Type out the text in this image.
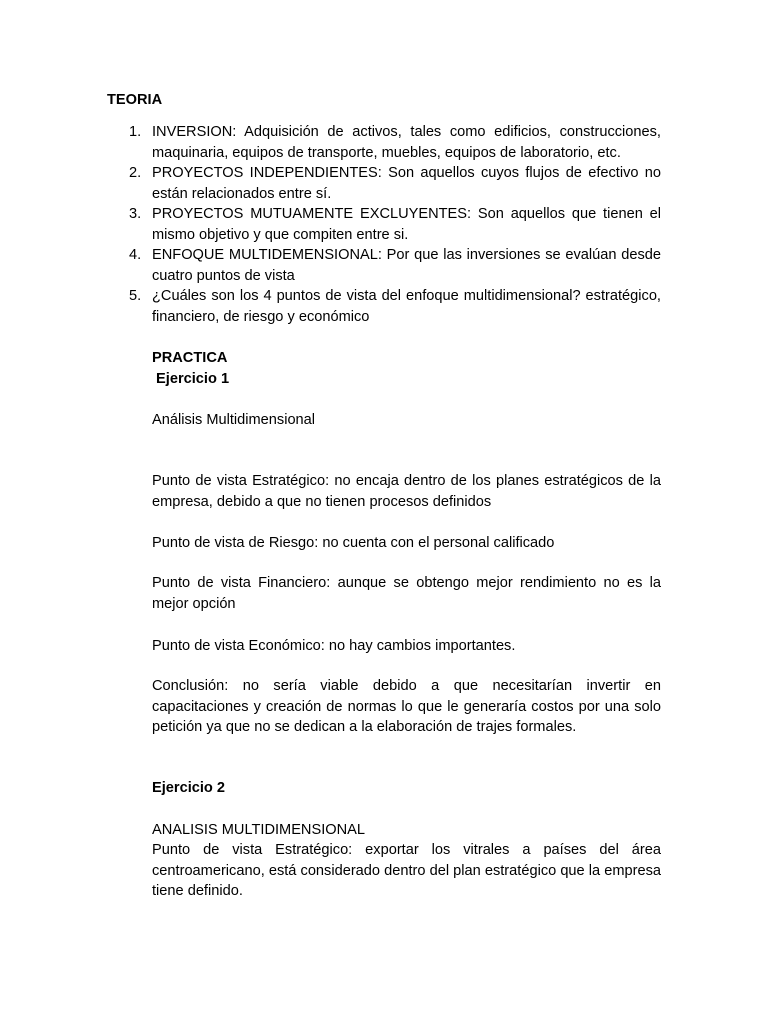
TEORIA
1. INVERSION: Adquisición de activos, tales como edificios, construcciones, maquinaria, equipos de transporte, muebles, equipos de laboratorio, etc.
2. PROYECTOS INDEPENDIENTES: Son aquellos cuyos flujos de efectivo no están relacionados entre sí.
3. PROYECTOS MUTUAMENTE EXCLUYENTES: Son aquellos que tienen el mismo objetivo y que compiten entre si.
4. ENFOQUE MULTIDEMENSIONAL: Por que las inversiones se evalúan desde cuatro puntos de vista
5. ¿Cuáles son los 4 puntos de vista del enfoque multidimensional? estratégico, financiero, de riesgo y económico
PRACTICA
Ejercicio 1

Análisis Multidimensional

Punto de vista Estratégico: no encaja dentro de los planes estratégicos de la empresa, debido a que no tienen procesos definidos

Punto de vista de Riesgo: no cuenta con el personal calificado

Punto de vista Financiero: aunque se obtengo mejor rendimiento no es la mejor opción

Punto de vista Económico: no hay cambios importantes.

Conclusión: no sería viable debido a que necesitarían invertir en capacitaciones y creación de normas lo que le generaría costos por una solo petición ya que no se dedican a la elaboración de trajes formales.

Ejercicio 2

ANALISIS MULTIDIMENSIONAL

Punto de vista Estratégico: exportar los vitrales a países del área centroamericano, está considerado dentro del plan estratégico que la empresa tiene definido.
